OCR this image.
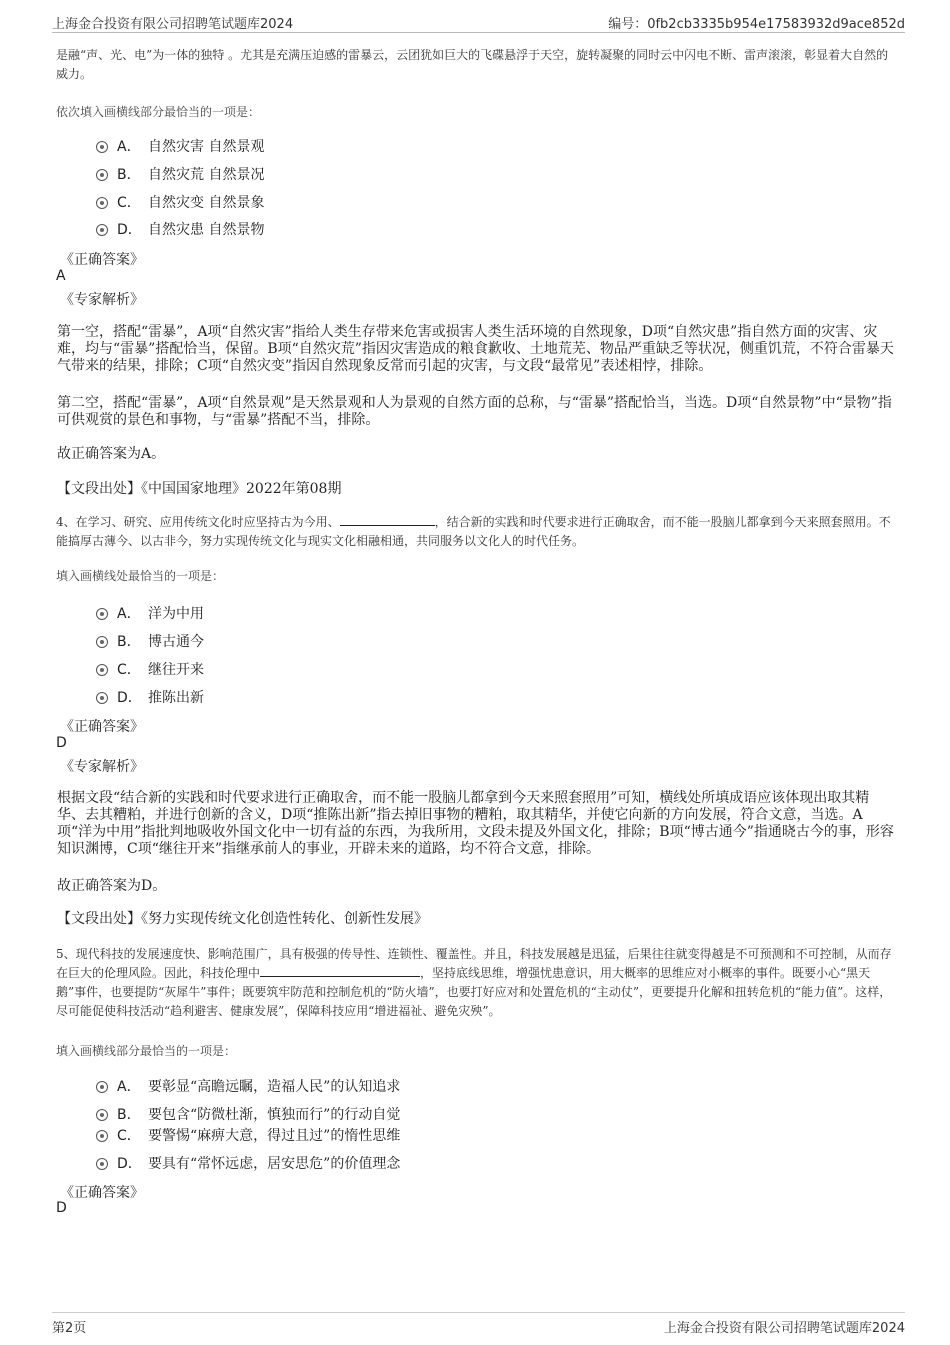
上海金合投资有限公司招聘笔试题库2024	编号：0fb2cb3335b954e17583932d9ace852d
是融“声、光、电”为一体的独特 。尤其是充满压迫感的雷暴云，云团犹如巨大的飞碟悬浮于天空，旋转凝聚的同时云中闪电不断、雷声滚滚，彰显着大自然的威力。
依次填入画横线部分最恰当的一项是：
A． 自然灾害 自然景观
B． 自然灾荒 自然景况
C． 自然灾变 自然景象
D． 自然灾患 自然景物
《正确答案》
A
《专家解析》
第一空，搭配“雷暴”，A项“自然灾害”指给人类生存带来危害或损害人类生活环境的自然现象，D项“自然灾患”指自然方面的灾害、灾难，均与“雷暴”搭配恰当，保留。B项“自然灾荒”指因灾害造成的粮食歉收、土地荒芜、物品严重缺乏等状况，侧重饥荒，不符合雷暴天气带来的结果，排除；C项“自然灾变”指因自然现象反常而引起的灾害，与文段“最常见”表述相悖，排除。
第二空，搭配“雷暴”，A项“自然景观”是天然景观和人为景观的自然方面的总称，与“雷暴”搭配恰当，当选。D项“自然景物”中“景物”指可供观赏的景色和事物，与“雷暴”搭配不当，排除。
故正确答案为A。
【文段出处】《中国国家地理》2022年第08期
4、在学习、研究、应用传统文化时应坚持古为今用、	，结合新的实践和时代要求进行正确取舍，而不能一股脑儿都拿到今天来照套照用。不能搞厚古薄今、以古非今，努力实现传统文化与现实文化相融相通，共同服务以文化人的时代任务。
填入画横线处最恰当的一项是：
A． 洋为中用
B． 博古通今
C． 继往开来
D． 推陈出新
《正确答案》
D
《专家解析》
根据文段“结合新的实践和时代要求进行正确取舍，而不能一股脑儿都拿到今天来照套照用”可知，横线处所填成语应该体现出取其精华、去其糟粕，并进行创新的含义，D项“推陈出新”指去掉旧事物的糟粕，取其精华，并使它向新的方向发展，符合文意，当选。A项“洋为中用”指批判地吸收外国文化中一切有益的东西，为我所用，文段未提及外国文化，排除；B项“博古通今”指通晓古今的事，形容知识渊博，C项“继往开来”指继承前人的事业，开辟未来的道路，均不符合文意，排除。
故正确答案为D。
【文段出处】《努力实现传统文化创造性转化、创新性发展》
5、现代科技的发展速度快、影响范围广，具有极强的传导性、连锁性、覆盖性。并且，科技发展越是迅猛，后果往往就变得越是不可预测和不可控制，从而存在巨大的伦理风险。因此，科技伦理中	，坚持底线思维，增强忧患意识，用大概率的思维应对小概率的事件。既要小心“黑天鹅”事件，也要提防“灰犀牛”事件；既要筑牢防范和控制危机的“防火墙”，也要打好应对和处置危机的“主动仗”，更要提升化解和扭转危机的“能力值”。这样，尽可能促使科技活动“趋利避害、健康发展”，保障科技应用“增进福祉、避免灾殃”。
填入画横线部分最恰当的一项是：
A． 要彰显“高瞻远瞩，造福人民”的认知追求
B． 要包含“防微杜渐，慎独而行”的行动自觉
C． 要警惕“麻痹大意，得过且过”的惰性思维
D． 要具有“常怀远虑，居安思危”的价值理念
《正确答案》
D
第2页	上海金合投资有限公司招聘笔试题库2024
